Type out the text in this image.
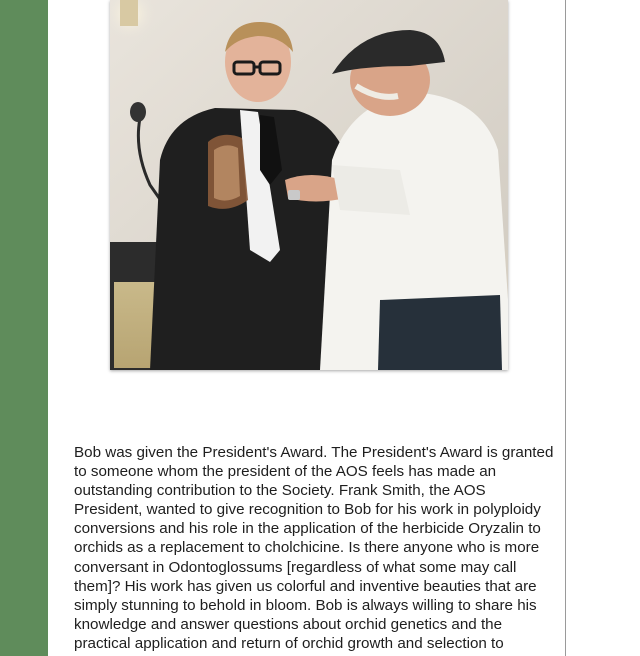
Bob was given the President's Award. The President's Award is granted to someone whom the president of the AOS feels has made an outstanding contribution to the Society. Frank Smith, the AOS President, wanted to give recognition to Bob for his work in polyploidy conversions and his role in the application of the herbicide Oryzalin to orchids as a replacement to cholchicine. Is there anyone who is more conversant in Odontoglossums [regardless of what some may call them]? His work has given us colorful and inventive beauties that are simply stunning to behold in bloom. Bob is always willing to share his knowledge and answer questions about orchid genetics and the practical application and return of orchid growth and selection to
